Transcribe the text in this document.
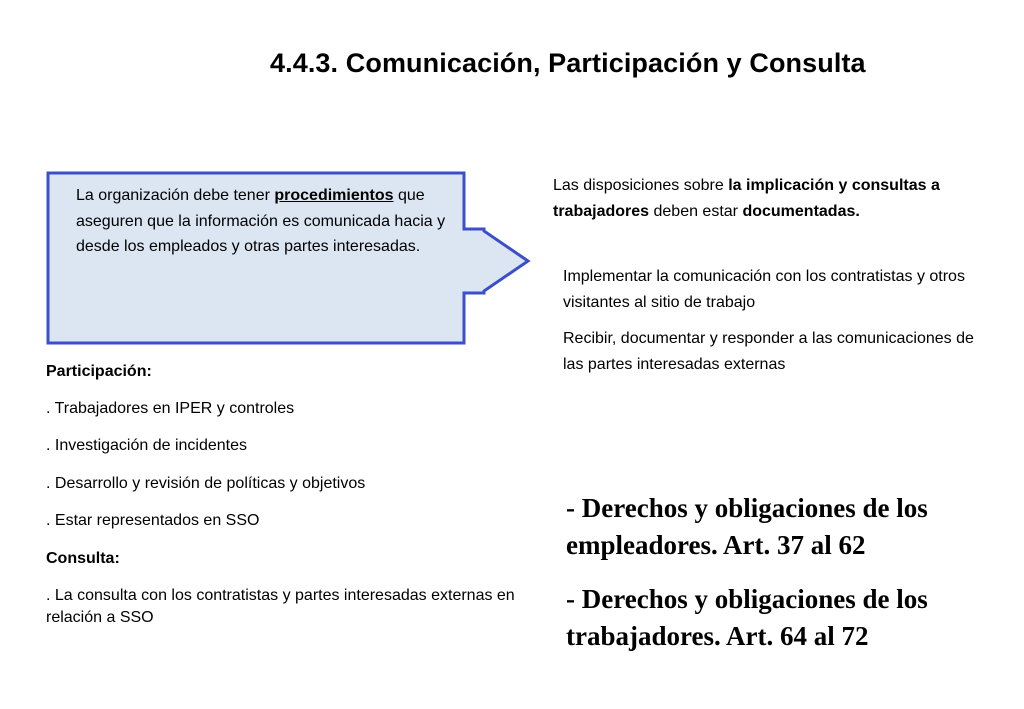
4.4.3. Comunicación, Participación y Consulta
La organización debe tener procedimientos que aseguren que la información es comunicada hacia y desde los empleados y otras partes interesadas.
Las disposiciones sobre la implicación y consultas a trabajadores deben estar documentadas.

Implementar la comunicación con los contratistas y otros visitantes al sitio de trabajo

Recibir, documentar y responder a las comunicaciones de las partes interesadas externas

Participación:

. Trabajadores en IPER y controles

. Investigación de incidentes

. Desarrollo y revisión de políticas y objetivos

. Estar representados en SSO

Consulta:

. La consulta con los contratistas y partes interesadas externas en relación a SSO

- Derechos y obligaciones de los empleadores. Art. 37 al 62

- Derechos y obligaciones de los trabajadores. Art. 64 al 72
